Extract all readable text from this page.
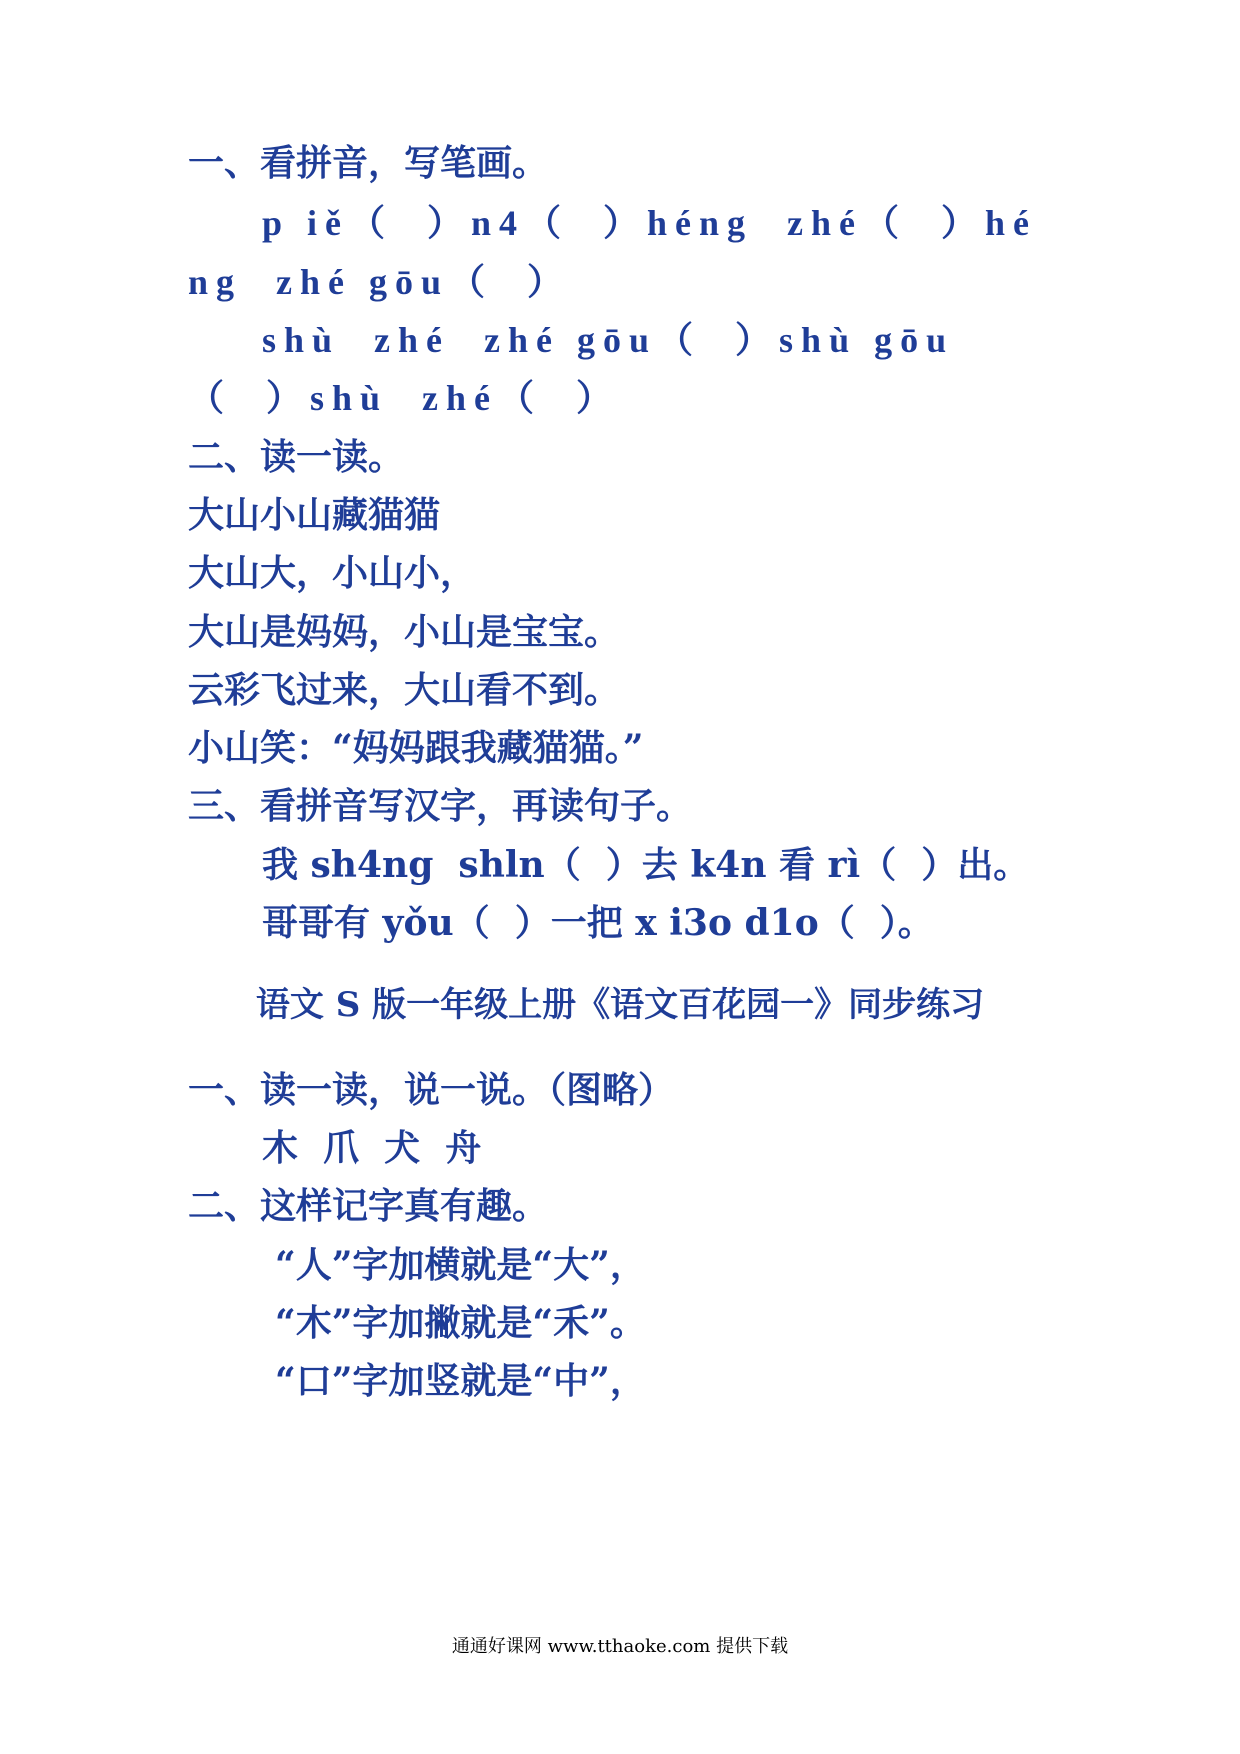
一、看拼音，写笔画。
p iě（  ）n4（  ）héng  zhé（  ）hé
ng  zhé gōu（  ）
shù  zhé  zhé gōu（  ）shù gōu
（  ）shù  zhé（  ）
二、读一读。
大山小山藏猫猫
大山大，小山小，
大山是妈妈，小山是宝宝。
云彩飞过来，大山看不到。
小山笑：“妈妈跟我藏猫猫。”
三、看拼音写汉字，再读句子。
我 sh4ng  shln（  ）去 k4n 看 rì（  ）出。
哥哥有 yǒu（  ）一把 x i3o d1o（  ）。
语文 S 版一年级上册《语文百花园一》同步练习
一、读一读，说一说。（图略）
木  爪  犬  舟
二、这样记字真有趣。
“人”字加横就是“大”，
“木”字加撇就是“禾”。
“口”字加竖就是“中”，
通通好课网 www.tthaoke.com 提供下载
